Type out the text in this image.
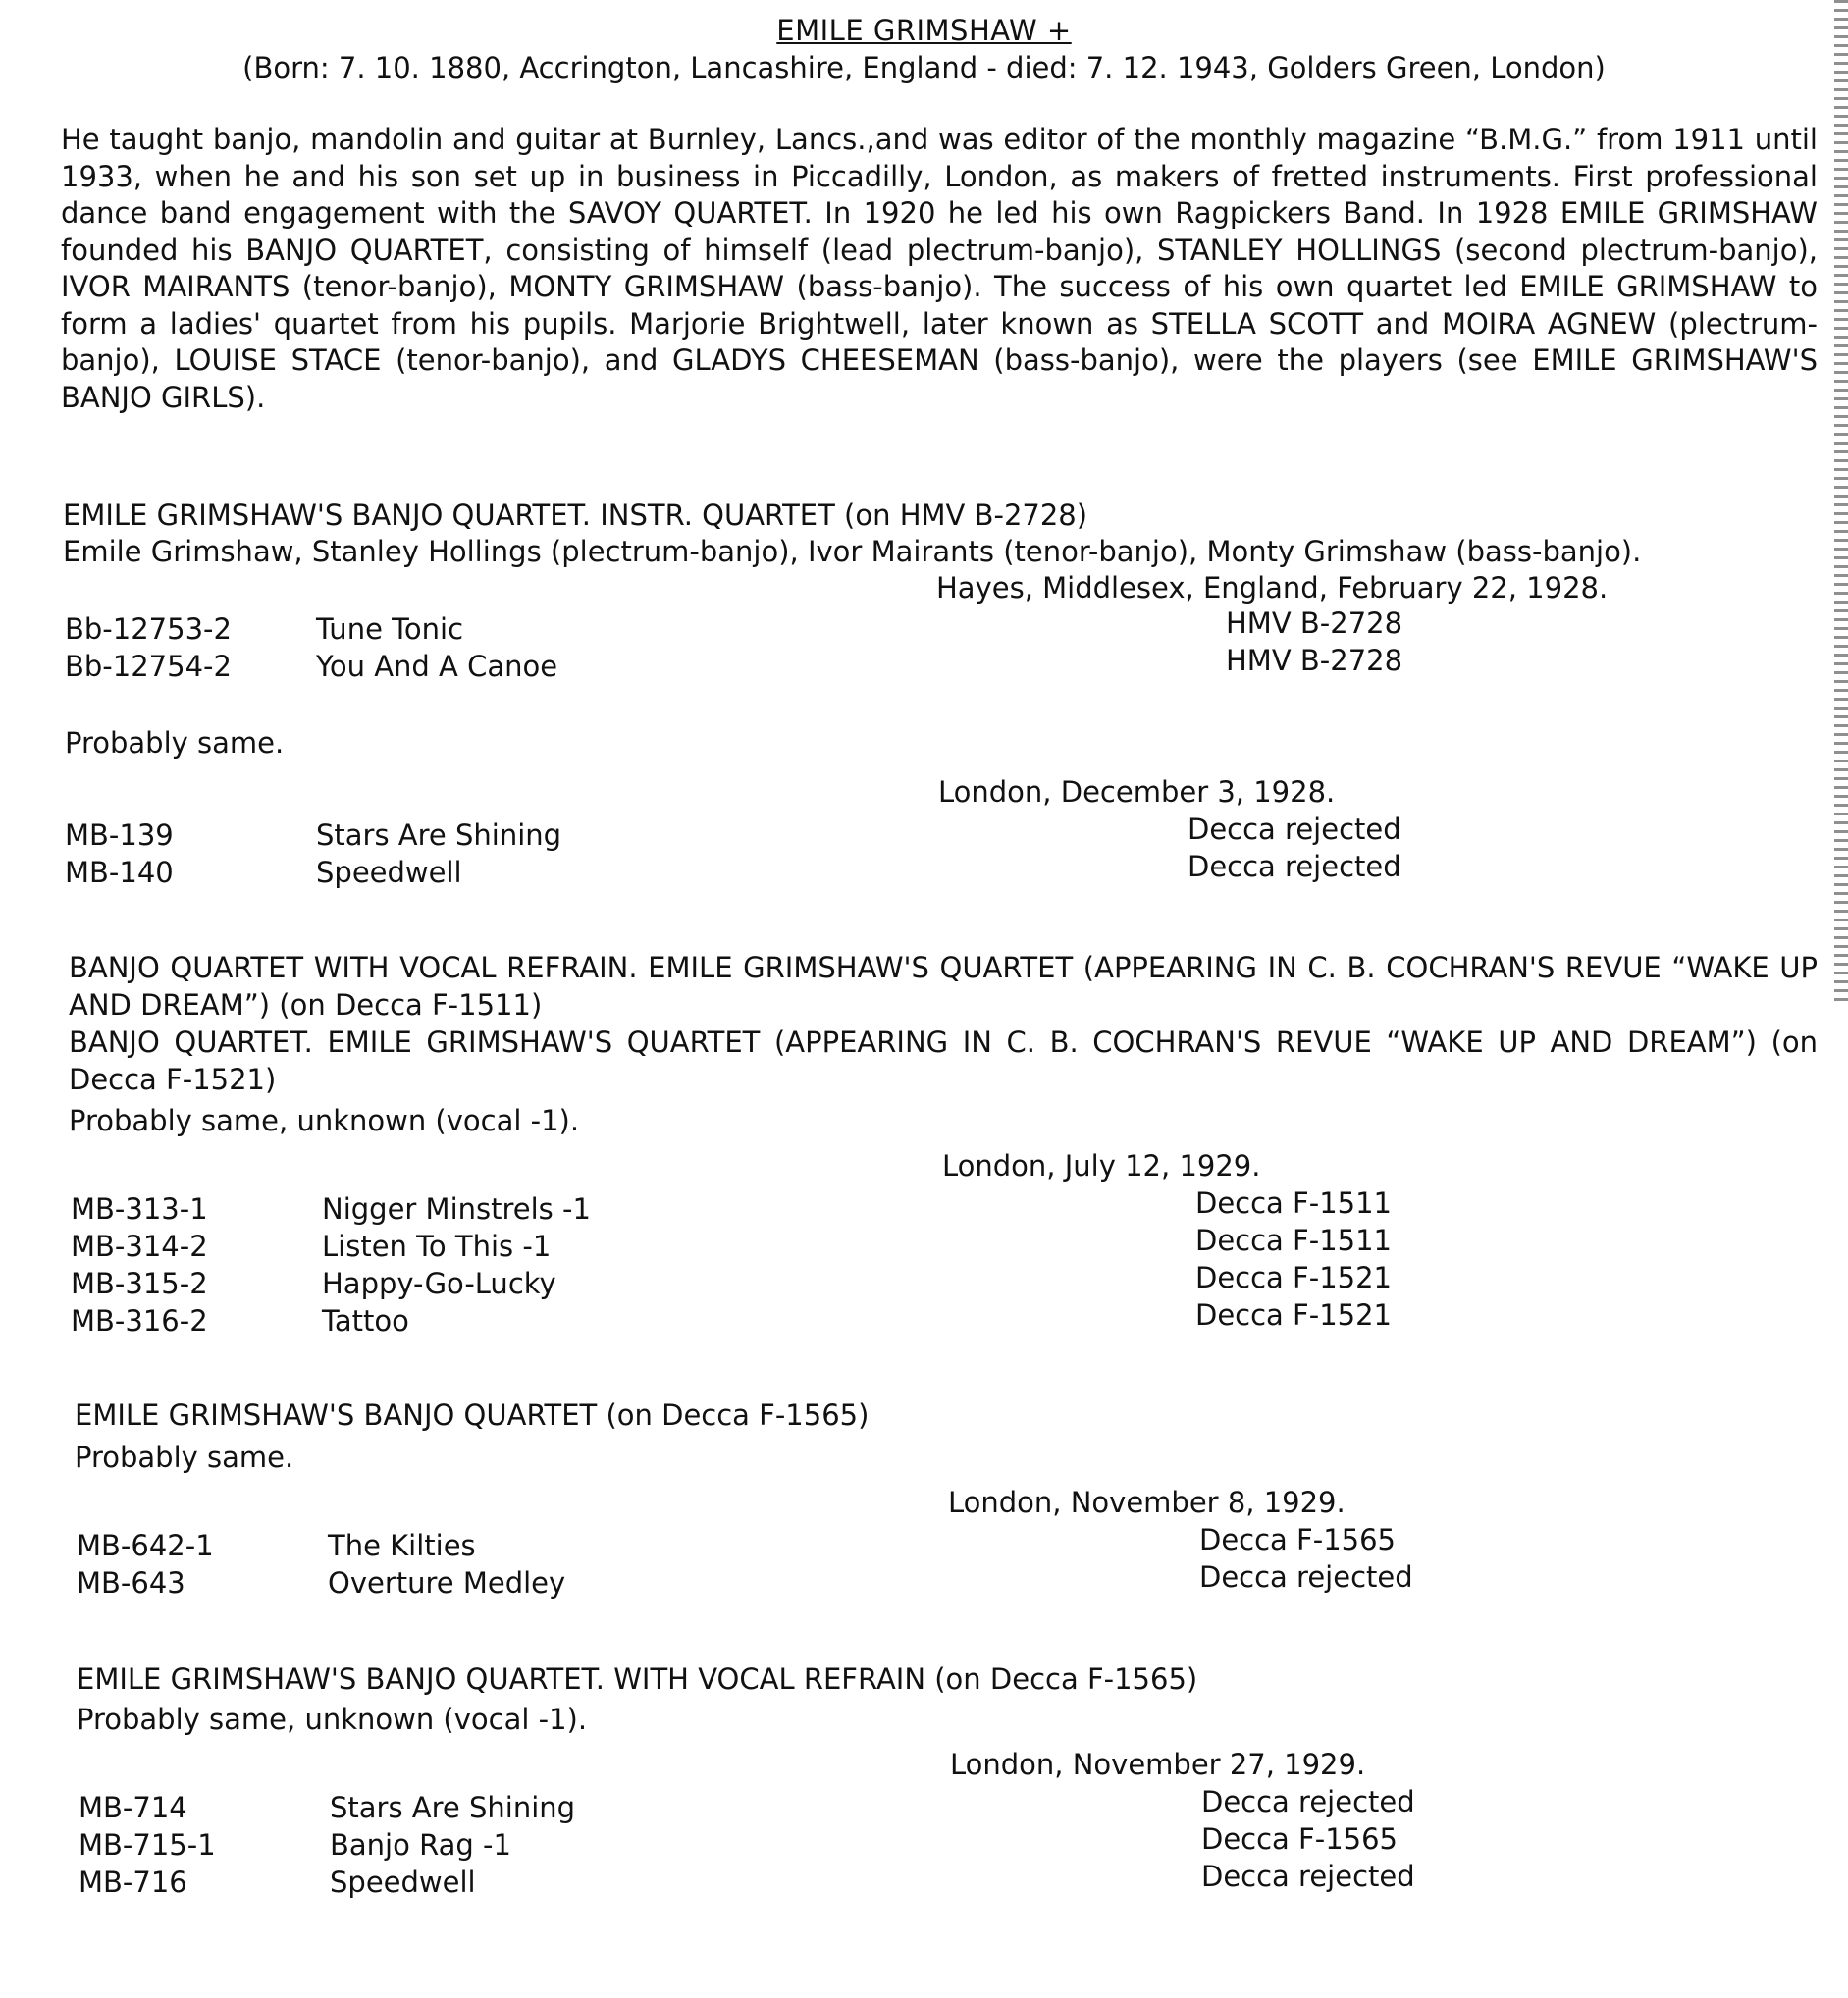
EMILE GRIMSHAW +
(Born: 7. 10. 1880, Accrington, Lancashire, England - died: 7. 12. 1943, Golders Green, London)

He taught banjo, mandolin and guitar at Burnley, Lancs.,and was editor of the monthly magazine “B.M.G.” from 1911 until 1933, when he and his son set up in business in Piccadilly, London, as makers of fretted instruments. First professional dance band engagement with the SAVOY QUARTET. In 1920 he led his own Ragpickers Band. In 1928 EMILE GRIMSHAW founded his BANJO QUARTET, consisting of himself (lead plectrum-banjo), STANLEY HOLLINGS (second plectrum-banjo), IVOR MAIRANTS (tenor-banjo), MONTY GRIMSHAW (bass-banjo). The success of his own quartet led EMILE GRIMSHAW to form a ladies' quartet from his pupils. Marjorie Brightwell, later known as STELLA SCOTT and MOIRA AGNEW (plectrum-banjo), LOUISE STACE (tenor-banjo), and GLADYS CHEESEMAN (bass-banjo), were the players (see EMILE GRIMSHAW'S BANJO GIRLS).

EMILE GRIMSHAW'S BANJO QUARTET. INSTR. QUARTET (on HMV B-2728)
Emile Grimshaw, Stanley Hollings (plectrum-banjo), Ivor Mairants (tenor-banjo), Monty Grimshaw (bass-banjo).
Hayes, Middlesex, England, February 22, 1928.
Bb-12753-2	Tune Tonic	HMV B-2728
Bb-12754-2	You And A Canoe	HMV B-2728
Probably same.
London, December 3, 1928.
MB-139	Stars Are Shining	Decca rejected
MB-140	Speedwell	Decca rejected
BANJO QUARTET WITH VOCAL REFRAIN. EMILE GRIMSHAW'S QUARTET (APPEARING IN C. B. COCHRAN'S REVUE “WAKE UP AND DREAM”) (on Decca F-1511)
BANJO QUARTET. EMILE GRIMSHAW'S QUARTET (APPEARING IN C. B. COCHRAN'S REVUE “WAKE UP AND DREAM”) (on Decca F-1521)
Probably same, unknown (vocal -1).
London, July 12, 1929.
MB-313-1	Nigger Minstrels -1	Decca F-1511
MB-314-2	Listen To This -1	Decca F-1511
MB-315-2	Happy-Go-Lucky	Decca F-1521
MB-316-2	Tattoo	Decca F-1521
EMILE GRIMSHAW'S BANJO QUARTET (on Decca F-1565)
Probably same.
London, November 8, 1929.
MB-642-1	The Kilties	Decca F-1565
MB-643	Overture Medley	Decca rejected
EMILE GRIMSHAW'S BANJO QUARTET. WITH VOCAL REFRAIN (on Decca F-1565)
Probably same, unknown (vocal -1).
London, November 27, 1929.
MB-714	Stars Are Shining	Decca rejected
MB-715-1	Banjo Rag -1	Decca F-1565
MB-716	Speedwell	Decca rejected
